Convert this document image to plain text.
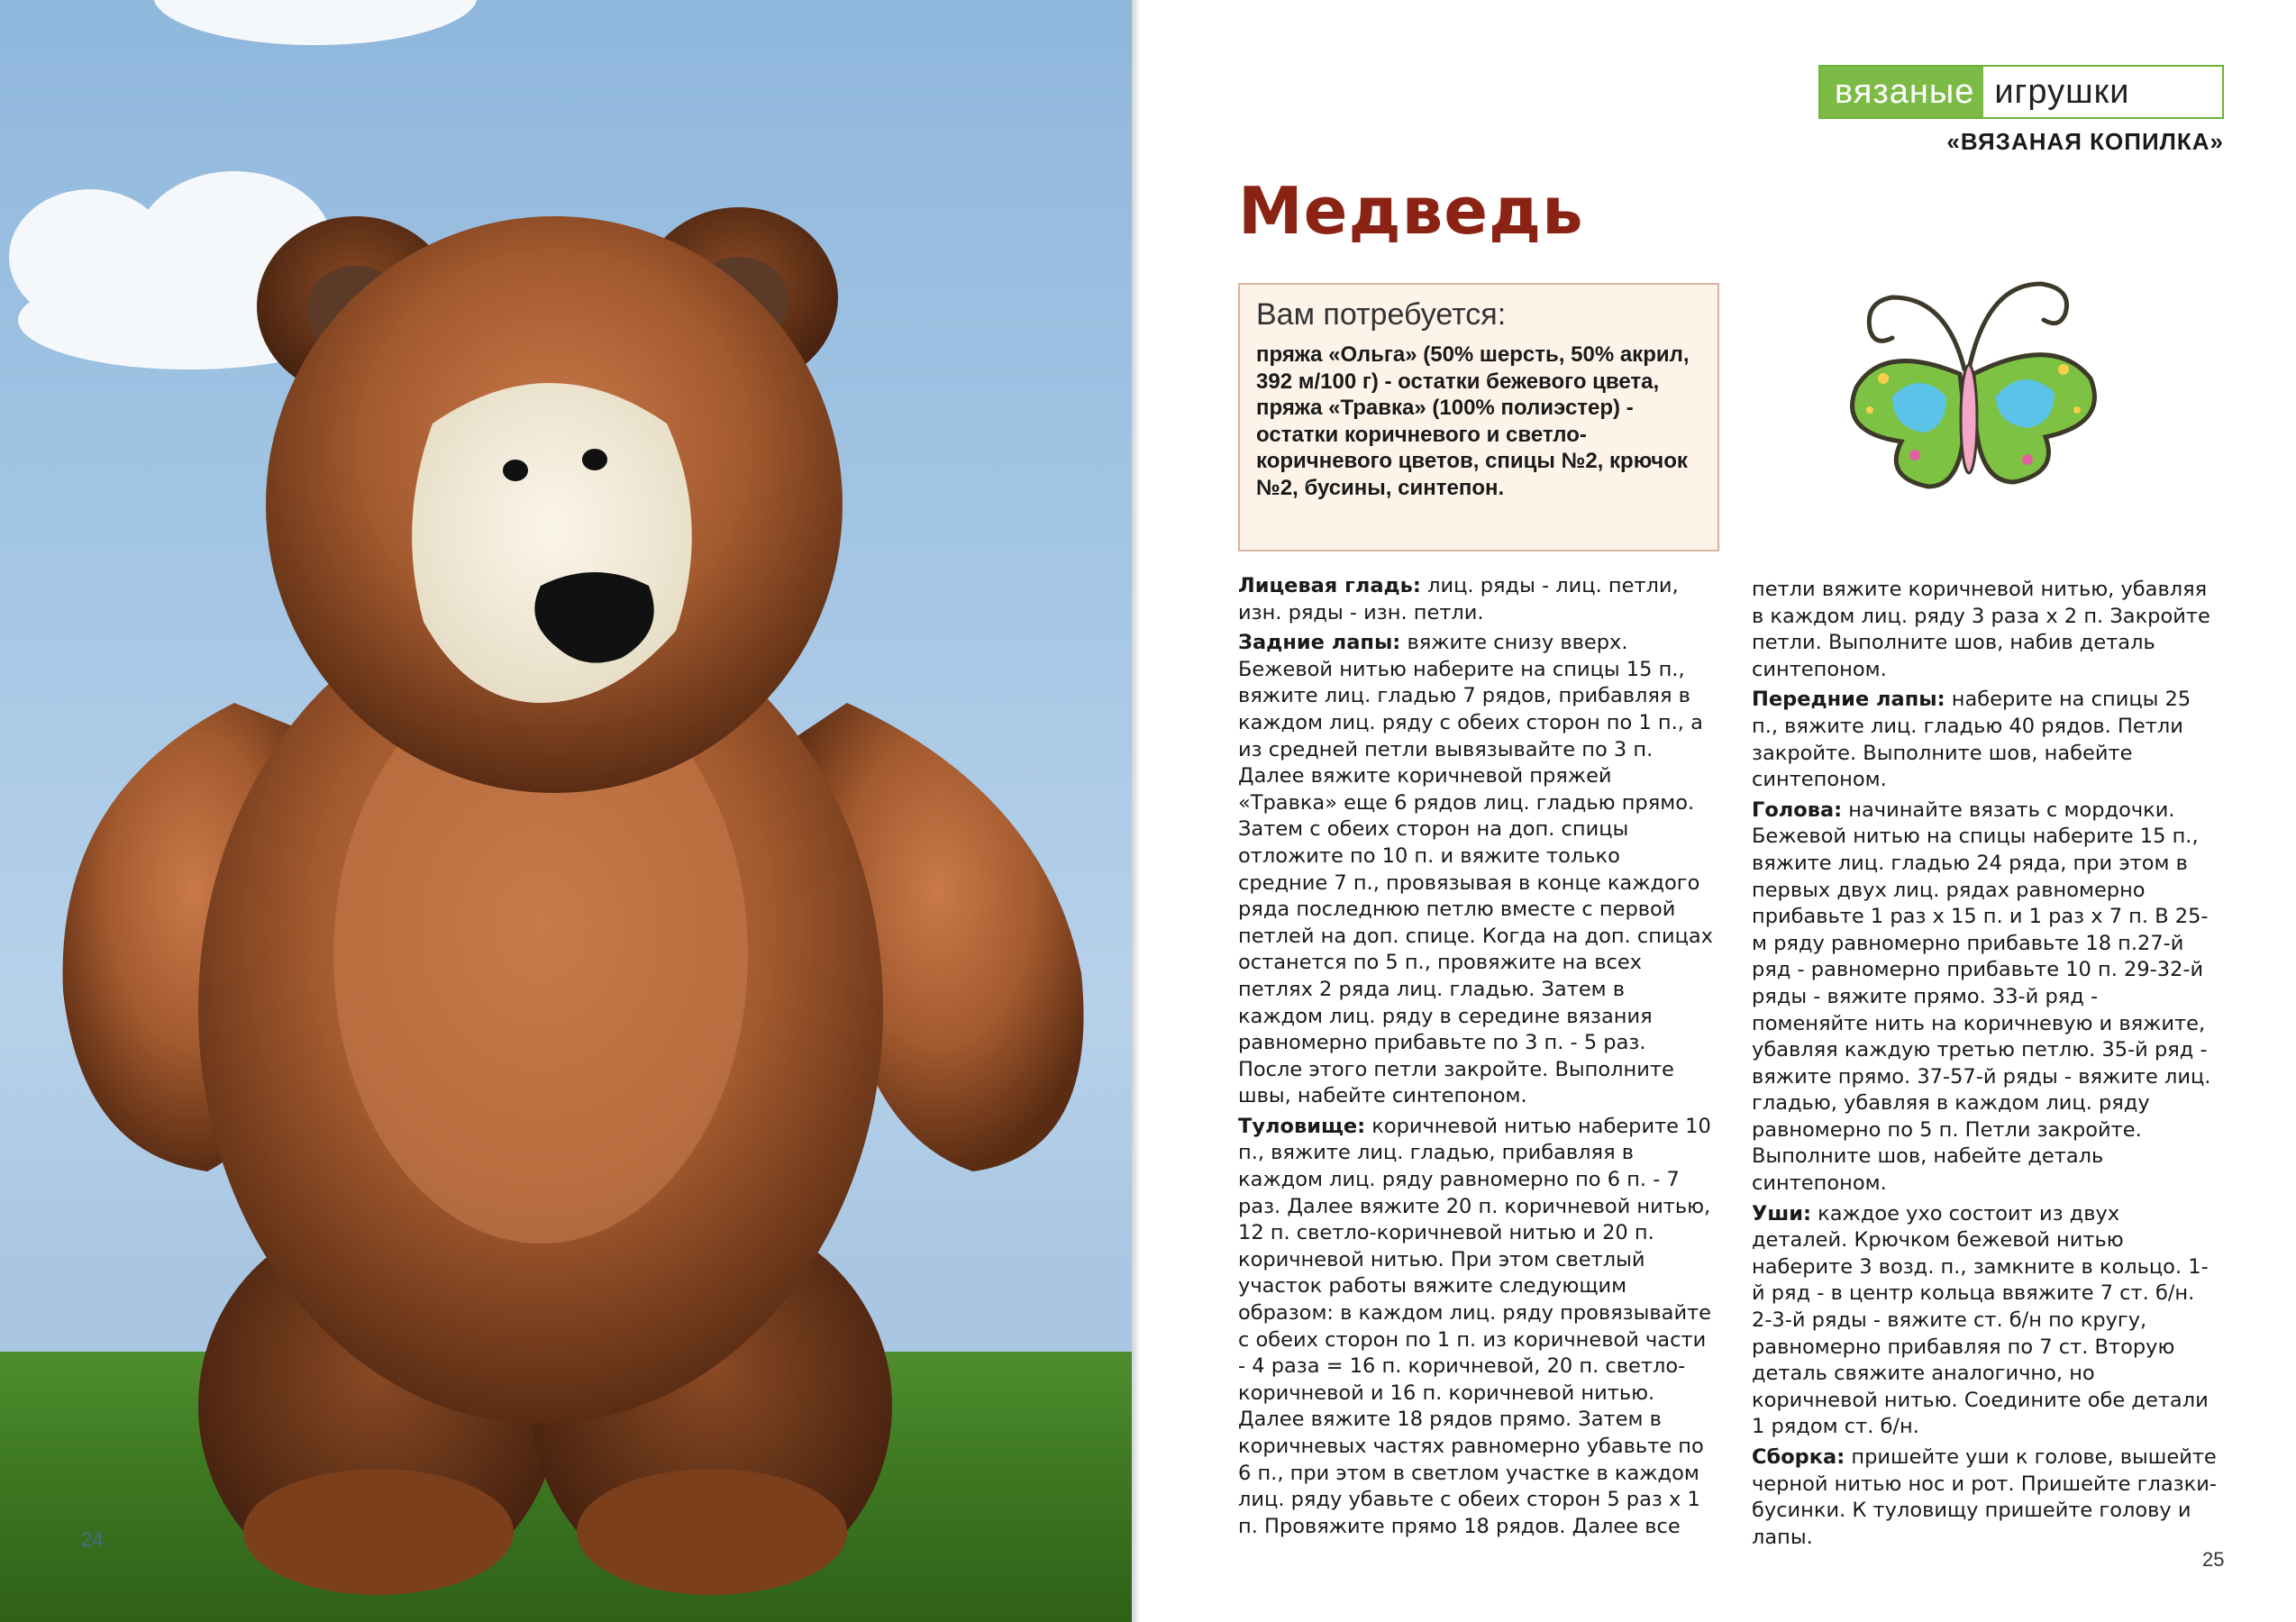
24
вязаные игрушки
«ВЯЗАНАЯ КОПИЛКА»
Медведь
Вам потребуется:

пряжа «Ольга» (50% шерсть, 50% акрил, 392 м/100 г) - остатки бежевого цвета, пряжа «Травка» (100% полиэстер) - остатки коричневого и светло-коричневого цветов, спицы №2, крючок №2, бусины, синтепон.

Лицевая гладь: лиц. ряды - лиц. петли, изн. ряды - изн. петли.

Задние лапы: вяжите снизу вверх. Бежевой нитью наберите на спицы 15 п., вяжите лиц. гладью 7 рядов, прибавляя в каждом лиц. ряду с обеих сторон по 1 п., а из средней петли вывязывайте по 3 п. Далее вяжите коричневой пряжей «Травка» еще 6 рядов лиц. гладью прямо. Затем с обеих сторон на доп. спицы отложите по 10 п. и вяжите только средние 7 п., провязывая в конце каждого ряда последнюю петлю вместе с первой петлей на доп. спице. Когда на доп. спицах останется по 5 п., провяжите на всех петлях 2 ряда лиц. гладью. Затем в каждом лиц. ряду в середине вязания равномерно прибавьте по 3 п. - 5 раз. После этого петли закройте. Выполните швы, набейте синтепоном.

Туловище: коричневой нитью наберите 10 п., вяжите лиц. гладью, прибавляя в каждом лиц. ряду равномерно по 6 п. - 7 раз. Далее вяжите 20 п. коричневой нитью, 12 п. светло-коричневой нитью и 20 п. коричневой нитью. При этом светлый участок работы вяжите следующим образом: в каждом лиц. ряду провязывайте с обеих сторон по 1 п. из коричневой части - 4 раза = 16 п. коричневой, 20 п. светло-коричневой и 16 п. коричневой нитью. Далее вяжите 18 рядов прямо. Затем в коричневых частях равномерно убавьте по 6 п., при этом в светлом участке в каждом лиц. ряду убавьте с обеих сторон 5 раз x 1 п. Провяжите прямо 18 рядов. Далее все

петли вяжите коричневой нитью, убавляя в каждом лиц. ряду 3 раза x 2 п. Закройте петли. Выполните шов, набив деталь синтепоном.

Передние лапы: наберите на спицы 25 п., вяжите лиц. гладью 40 рядов. Петли закройте. Выполните шов, набейте синтепоном.

Голова: начинайте вязать с мордочки. Бежевой нитью на спицы наберите 15 п., вяжите лиц. гладью 24 ряда, при этом в первых двух лиц. рядах равномерно прибавьте 1 раз x 15 п. и 1 раз x 7 п. В 25-м ряду равномерно прибавьте 18 п.27-й ряд - равномерно прибавьте 10 п. 29-32-й ряды - вяжите прямо. 33-й ряд - поменяйте нить на коричневую и вяжите, убавляя каждую третью петлю. 35-й ряд - вяжите прямо. 37-57-й ряды - вяжите лиц. гладью, убавляя в каждом лиц. ряду равномерно по 5 п. Петли закройте. Выполните шов, набейте деталь синтепоном.

Уши: каждое ухо состоит из двух деталей. Крючком бежевой нитью наберите 3 возд. п., замкните в кольцо. 1-й ряд - в центр кольца ввяжите 7 ст. б/н. 2-3-й ряды - вяжите ст. б/н по кругу, равномерно прибавляя по 7 ст. Вторую деталь свяжите аналогично, но коричневой нитью. Соедините обе детали 1 рядом ст. б/н.

Сборка: пришейте уши к голове, вышейте черной нитью нос и рот. Пришейте глазки-бусинки. К туловищу пришейте голову и лапы.

25
